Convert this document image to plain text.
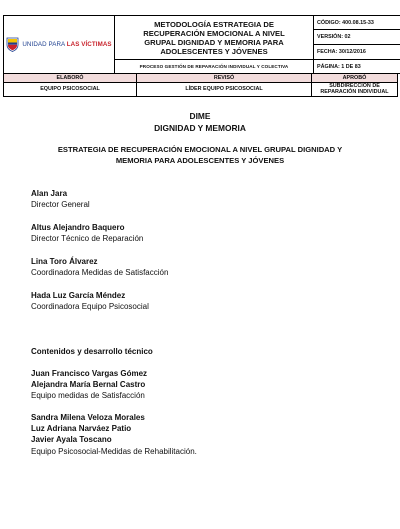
UNIDAD PARA LAS VÍCTIMAS	METODOLOGÍA ESTRATEGIA DE
RECUPERACIÓN EMOCIONAL A NIVEL
GRUPAL DIGNIDAD Y MEMORIA PARA
ADOLESCENTES Y JÓVENES	CÓDIGO: 400.08.15-33
		VERSIÓN: 02
		FECHA: 30/12/2016
	PROCESO GESTIÓN DE REPARACIÓN INDIVIDUAL Y COLECTIVA	PÁGINA: 1 DE 83
ELABORÓ	REVISÓ	APROBÓ
EQUIPO PSICOSOCIAL	LÍDER EQUIPO PSICOSOCIAL	SUBDIRECCIÓN DE
REPARACIÓN INDIVIDUAL
DIME
DIGNIDAD Y MEMORIA
ESTRATEGIA DE RECUPERACIÓN EMOCIONAL A NIVEL GRUPAL DIGNIDAD Y
MEMORIA PARA ADOLESCENTES Y JÓVENES
Alan Jara
Director General
Altus Alejandro Baquero
Director Técnico de Reparación
Lina Toro Álvarez
Coordinadora Medidas de Satisfacción
Hada Luz García Méndez
Coordinadora Equipo Psicosocial
Contenidos y desarrollo técnico
Juan Francisco Vargas Gómez
Alejandra María Bernal Castro
Equipo medidas de Satisfacción
Sandra Milena Veloza Morales
Luz Adriana Narváez Patio
Javier Ayala Toscano
Equipo Psicosocial-Medidas de Rehabilitación.
